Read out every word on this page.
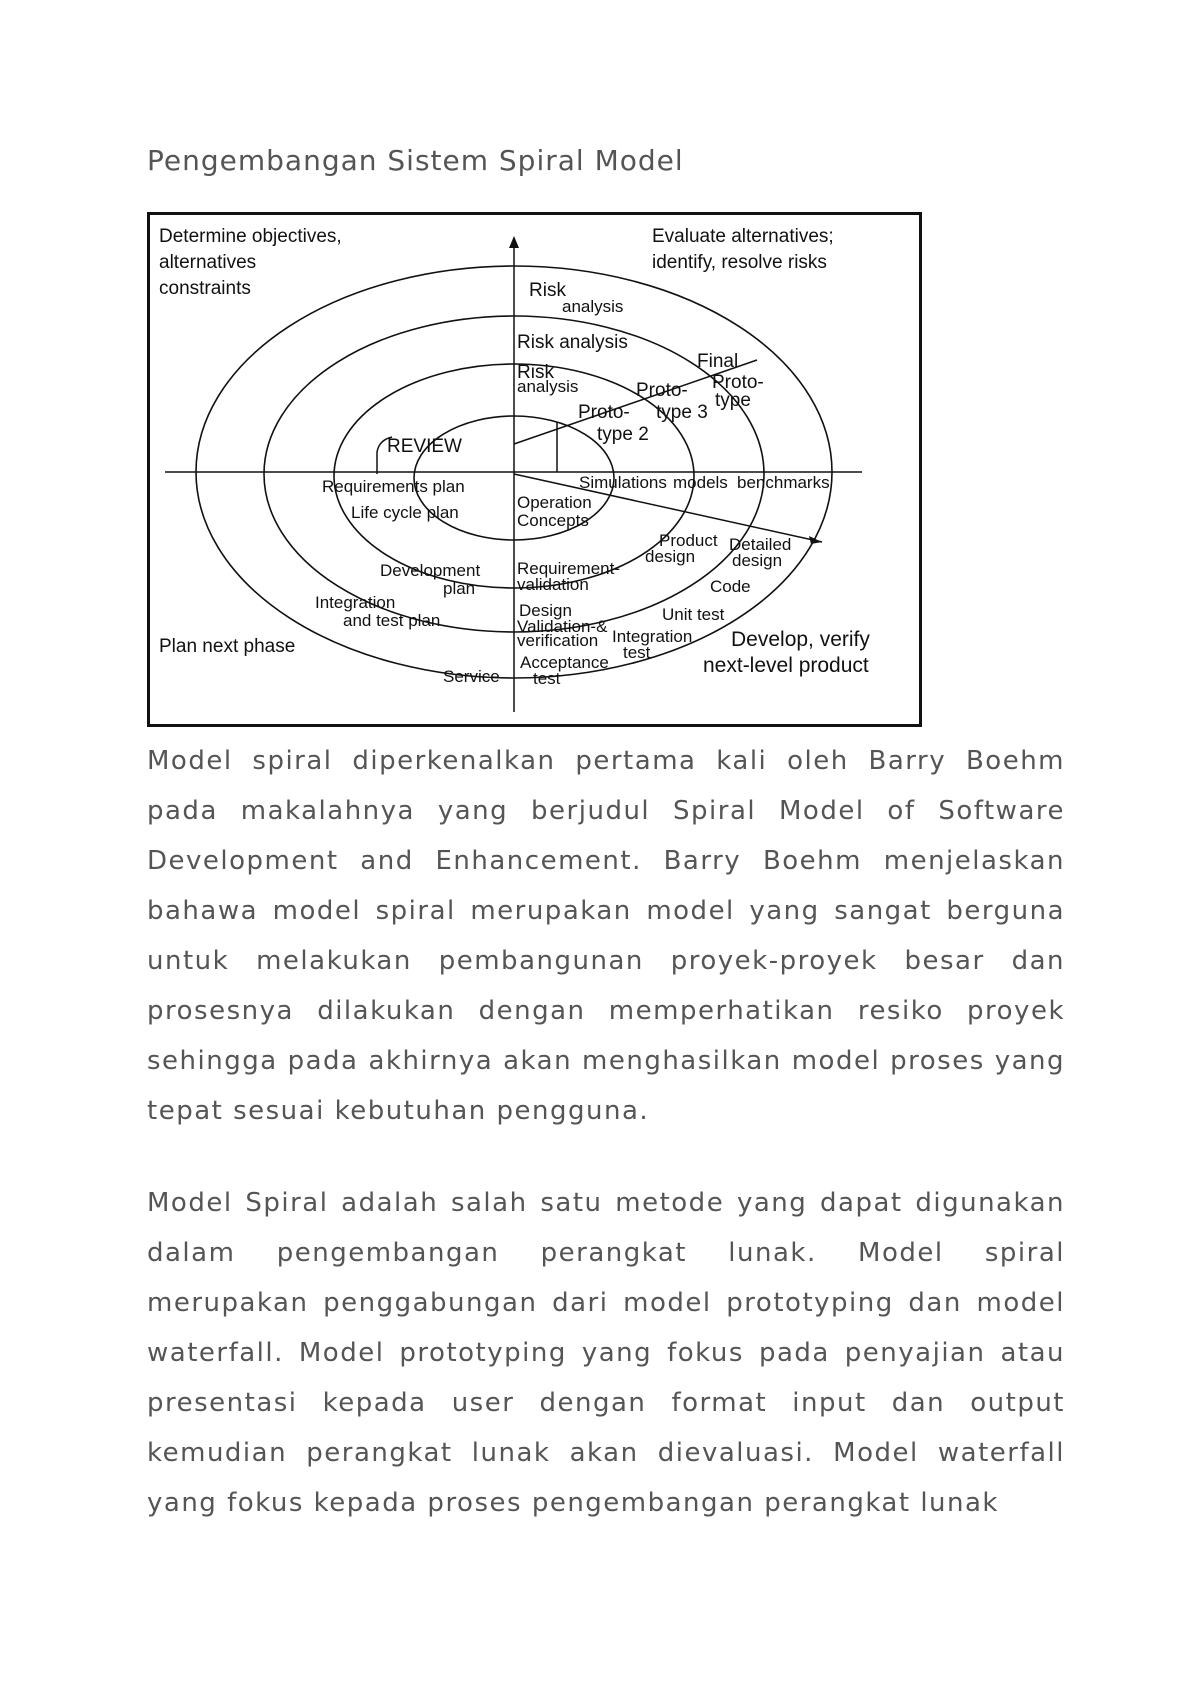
Pengembangan Sistem Spiral Model
Determine objectives,
alternatives
constraints
Evaluate alternatives;
identify, resolve risks
Plan next phase	Develop, verify
next-level product
Risk
analysis
Risk analysis
Risk
analysis
Final
Proto-
type
Proto-
type 3
Proto-
type 2
REVIEW
Simulations models benchmarks
Requirements plan
Life cycle plan
Operation
Concepts
Product
design
Detailed
design
Development
plan
Requirement-
validation	Code
Integration
and test plan
Design
Validation-&
verification
Unit test
Integration
test
Service
Acceptance
test

Model spiral diperkenalkan pertama kali oleh Barry Boehm pada makalahnya yang berjudul Spiral Model of Software Development and Enhancement. Barry Boehm menjelaskan bahawa model spiral merupakan model yang sangat berguna untuk melakukan pembangunan proyek-proyek besar dan prosesnya dilakukan dengan memperhatikan resiko proyek sehingga pada akhirnya akan menghasilkan model proses yang tepat sesuai kebutuhan pengguna.

Model Spiral adalah salah satu metode yang dapat digunakan dalam pengembangan perangkat lunak. Model spiral merupakan penggabungan dari model prototyping dan model waterfall. Model prototyping yang fokus pada penyajian atau presentasi kepada user dengan format input dan output kemudian perangkat lunak akan dievaluasi. Model waterfall yang fokus kepada proses pengembangan perangkat lunak
